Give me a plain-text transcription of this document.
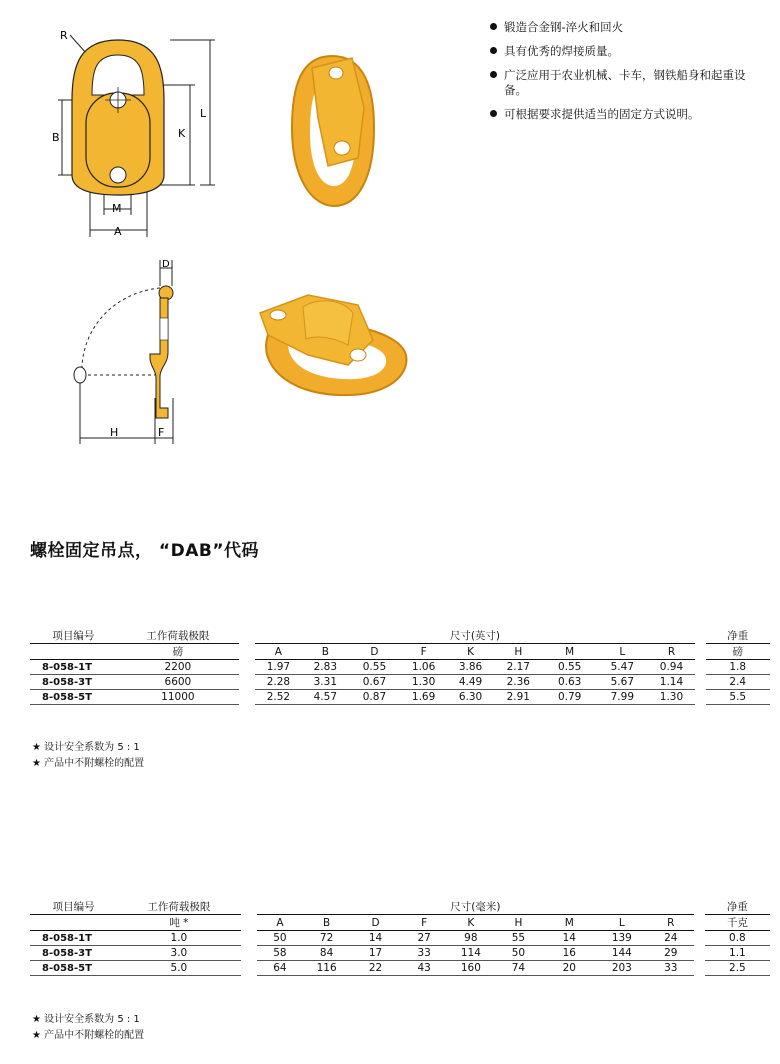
R
B	K
L
M
A
D
H	F
锻造合金钢-淬火和回火
具有优秀的焊接质量。
广泛应用于农业机械、卡车，钢铁船身和起重设备。
可根据要求提供适当的固定方式说明。
螺栓固定吊点， “DAB”代码
项目编号	工作荷载极限		尺寸(英寸)										净重
	磅		A	B	D	F	K	H	M	L	R		磅
8-058-1T	2200		1.97	2.83	0.55	1.06	3.86	2.17	0.55	5.47	0.94		1.8
8-058-3T	6600		2.28	3.31	0.67	1.30	4.49	2.36	0.63	5.67	1.14		2.4
8-058-5T	11000		2.52	4.57	0.87	1.69	6.30	2.91	0.79	7.99	1.30		5.5
★ 设计安全系数为 5 : 1
★ 产品中不附螺栓的配置
项目编号	工作荷载极限		尺寸(毫米)										净重
	吨 *		A	B	D	F	K	H	M	L	R		千克
8-058-1T	1.0		50	72	14	27	98	55	14	139	24		0.8
8-058-3T	3.0		58	84	17	33	114	50	16	144	29		1.1
8-058-5T	5.0		64	116	22	43	160	74	20	203	33		2.5
★ 设计安全系数为 5 : 1
★ 产品中不附螺栓的配置
